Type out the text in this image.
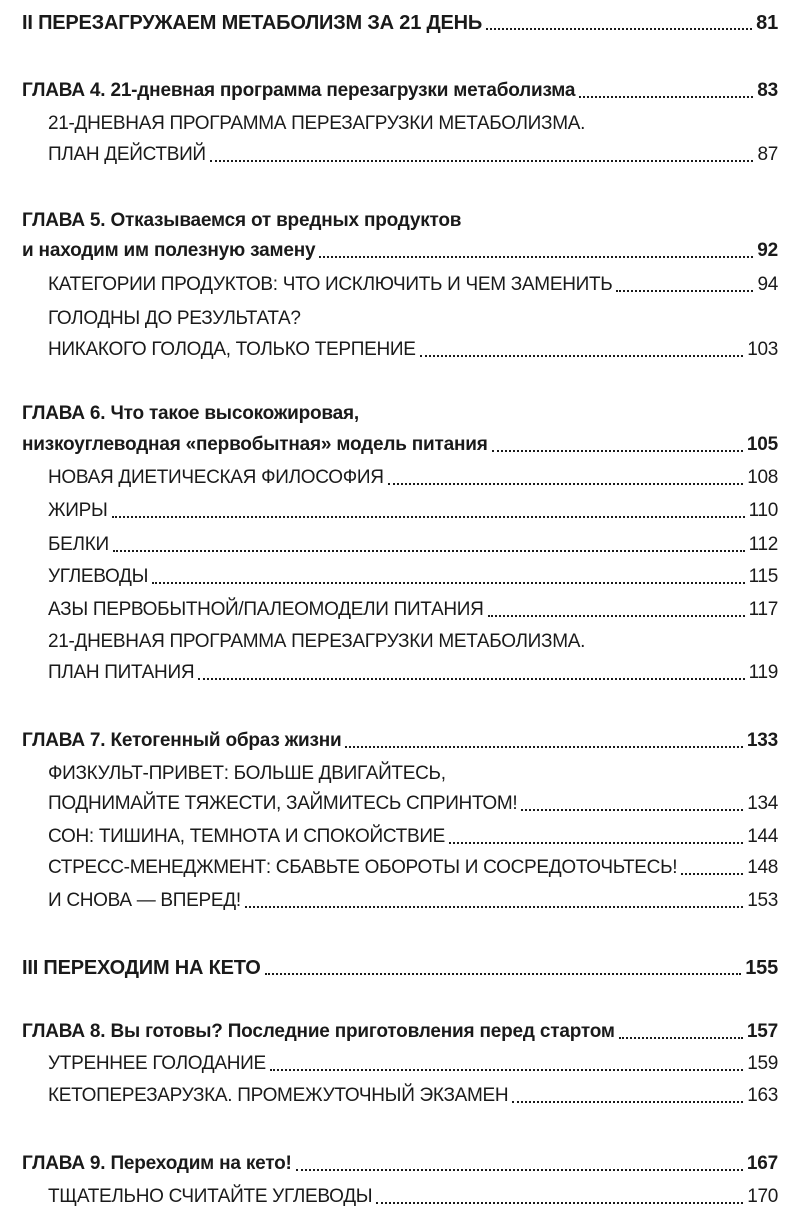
II ПЕРЕЗАГРУЖАЕМ МЕТАБОЛИЗМ ЗА 21 ДЕНЬ	81
ГЛАВА 4. 21-дневная программа перезагрузки метаболизма	83
21-ДНЕВНАЯ ПРОГРАММА ПЕРЕЗАГРУЗКИ МЕТАБОЛИЗМА.
ПЛАН ДЕЙСТВИЙ	87
ГЛАВА 5. Отказываемся от вредных продуктов
и находим им полезную замену	92
КАТЕГОРИИ ПРОДУКТОВ: ЧТО ИСКЛЮЧИТЬ И ЧЕМ ЗАМЕНИТЬ	94
ГОЛОДНЫ ДО РЕЗУЛЬТАТА?
НИКАКОГО ГОЛОДА, ТОЛЬКО ТЕРПЕНИЕ	103
ГЛАВА 6. Что такое высокожировая,
низкоуглеводная «первобытная» модель питания	105
НОВАЯ ДИЕТИЧЕСКАЯ ФИЛОСОФИЯ	108
ЖИРЫ	110
БЕЛКИ	112
УГЛЕВОДЫ	115
АЗЫ ПЕРВОБЫТНОЙ/ПАЛЕОМОДЕЛИ ПИТАНИЯ	117
21-ДНЕВНАЯ ПРОГРАММА ПЕРЕЗАГРУЗКИ МЕТАБОЛИЗМА.
ПЛАН ПИТАНИЯ	119
ГЛАВА 7. Кетогенный образ жизни	133
ФИЗКУЛЬТ-ПРИВЕТ: БОЛЬШЕ ДВИГАЙТЕСЬ,
ПОДНИМАЙТЕ ТЯЖЕСТИ, ЗАЙМИТЕСЬ СПРИНТОМ!	134
СОН: ТИШИНА, ТЕМНОТА И СПОКОЙСТВИЕ	144
СТРЕСС-МЕНЕДЖМЕНТ: СБАВЬТЕ ОБОРОТЫ И СОСРЕДОТОЧЬТЕСЬ!	148
И СНОВА — ВПЕРЕД!	153
III ПЕРЕХОДИМ НА КЕТО	155
ГЛАВА 8. Вы готовы? Последние приготовления перед стартом	157
УТРЕННЕЕ ГОЛОДАНИЕ	159
КЕТОПЕРЕЗАРУЗКА. ПРОМЕЖУТОЧНЫЙ ЭКЗАМЕН	163
ГЛАВА 9. Переходим на кето!	167
ТЩАТЕЛЬНО СЧИТАЙТЕ УГЛЕВОДЫ	170
